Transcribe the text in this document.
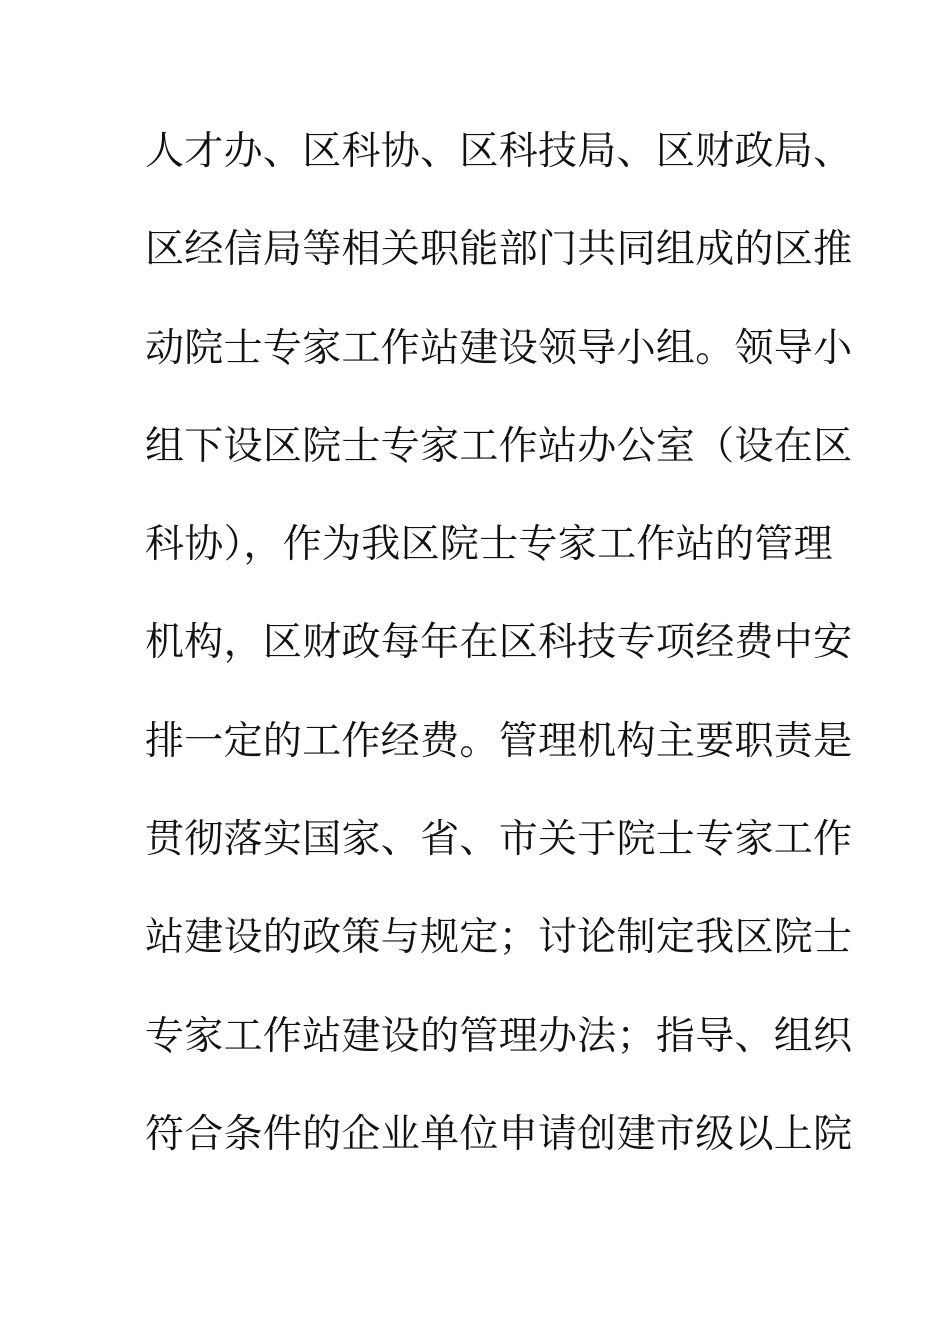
人才办、区科协、区科技局、区财政局、
区经信局等相关职能部门共同组成的区推
动院士专家工作站建设领导小组。领导小
组下设区院士专家工作站办公室（设在区
科协），作为我区院士专家工作站的管理
机构，区财政每年在区科技专项经费中安
排一定的工作经费。管理机构主要职责是
贯彻落实国家、省、市关于院士专家工作
站建设的政策与规定；讨论制定我区院士
专家工作站建设的管理办法；指导、组织
符合条件的企业单位申请创建市级以上院
